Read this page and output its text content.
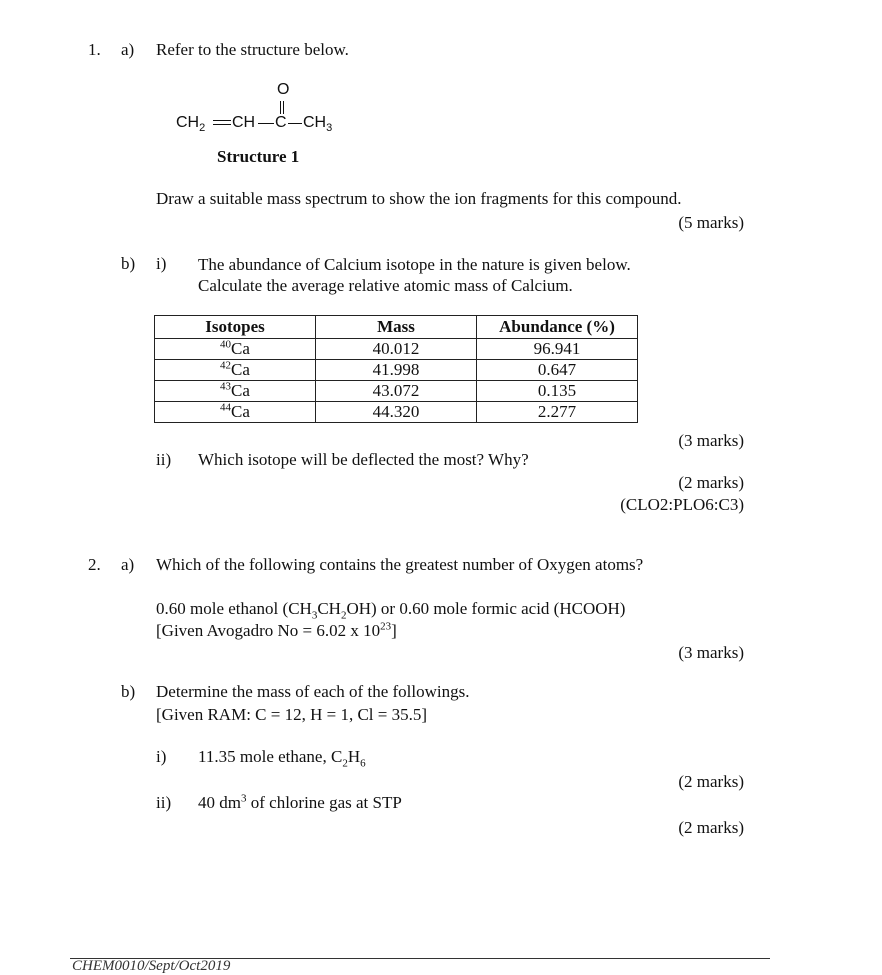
1. a) Refer to the structure below.
O
$CH_2$ CH C $CH_3$
Structure 1
Draw a suitable mass spectrum to show the ion fragments for this compound.
(5 marks)
b) i) The abundance of Calcium isotope in the nature is given below.
Calculate the average relative atomic mass of Calcium.
Isotopes	Mass	Abundance (%)
$^{40}$Ca	40.012	96.941
$^{42}$Ca	41.998	0.647
$^{43}$Ca	43.072	0.135
$^{44}$Ca	44.320	2.277
(3 marks)
ii) Which isotope will be deflected the most? Why?
(2 marks)
(CLO2:PLO6:C3)
2. a) Which of the following contains the greatest number of Oxygen atoms?
0.60 mole ethanol $(CH_3CH_2OH)$ or 0.60 mole formic acid (HCOOH)
[Given Avogadro No = 6.02 x $10^{23}$]
(3 marks)
b) Determine the mass of each of the followings.
[Given RAM: C = 12, H = 1, Cl = 35.5]
i) 11.35 mole ethane, $C_2H_6$
(2 marks)
ii) 40 $dm^3$ of chlorine gas at STP
(2 marks)
CHEM0010/Sept/Oct2019
